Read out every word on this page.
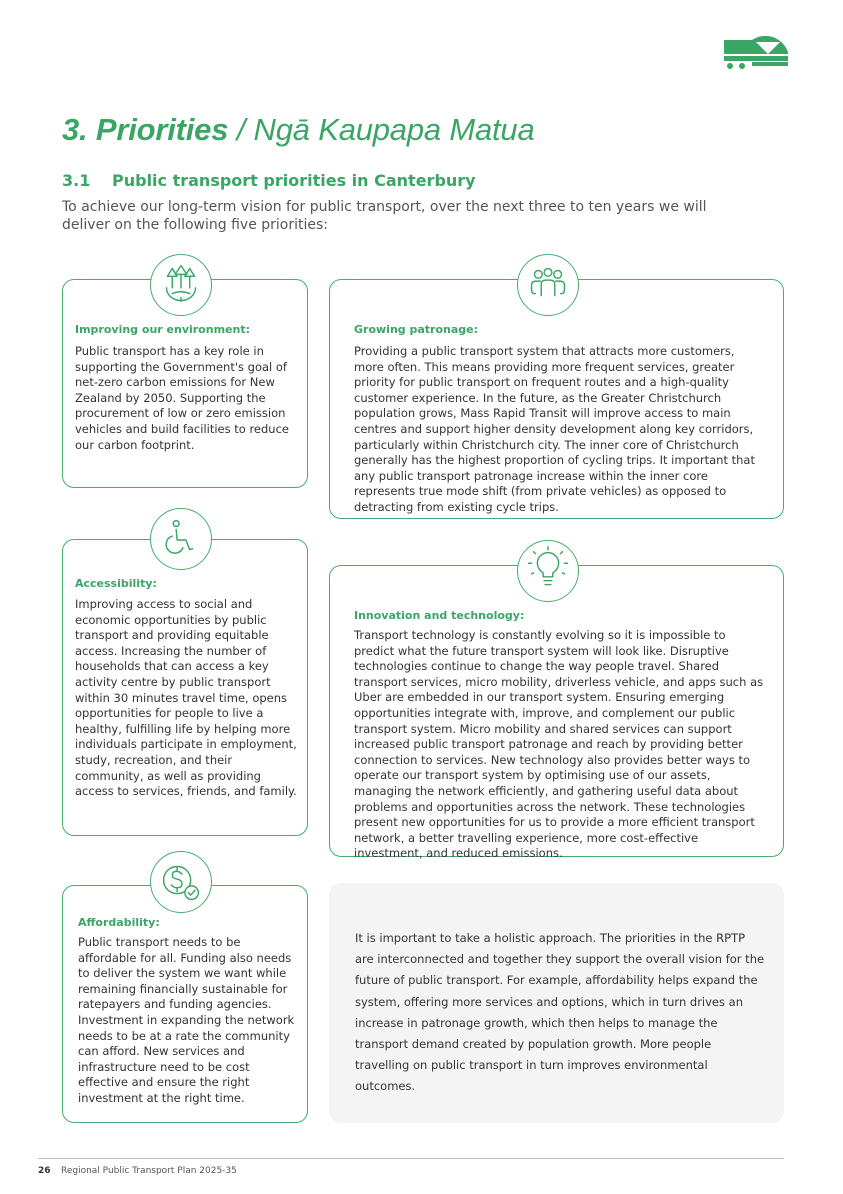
3. Priorities / Ngā Kaupapa Matua
3.1 Public transport priorities in Canterbury

To achieve our long-term vision for public transport, over the next three to ten years we will deliver on the following five priorities:

Improving our environment:

Public transport has a key role in supporting the Government's goal of net-zero carbon emissions for New Zealand by 2050. Supporting the procurement of low or zero emission vehicles and build facilities to reduce our carbon footprint.

Growing patronage:

Providing a public transport system that attracts more customers, more often. This means providing more frequent services, greater priority for public transport on frequent routes and a high-quality customer experience. In the future, as the Greater Christchurch population grows, Mass Rapid Transit will improve access to main centres and support higher density development along key corridors, particularly within Christchurch city. The inner core of Christchurch generally has the highest proportion of cycling trips. It important that any public transport patronage increase within the inner core represents true mode shift (from private vehicles) as opposed to detracting from existing cycle trips.

Accessibility:

Improving access to social and economic opportunities by public transport and providing equitable access. Increasing the number of households that can access a key activity centre by public transport within 30 minutes travel time, opens opportunities for people to live a healthy, fulfilling life by helping more individuals participate in employment, study, recreation, and their community, as well as providing access to services, friends, and family.

Innovation and technology:

Transport technology is constantly evolving so it is impossible to predict what the future transport system will look like. Disruptive technologies continue to change the way people travel. Shared transport services, micro mobility, driverless vehicle, and apps such as Uber are embedded in our transport system. Ensuring emerging opportunities integrate with, improve, and complement our public transport system. Micro mobility and shared services can support increased public transport patronage and reach by providing better connection to services. New technology also provides better ways to operate our transport system by optimising use of our assets, managing the network efficiently, and gathering useful data about problems and opportunities across the network. These technologies present new opportunities for us to provide a more efficient transport network, a better travelling experience, more cost-effective investment, and reduced emissions.

Affordability:

Public transport needs to be affordable for all. Funding also needs to deliver the system we want while remaining financially sustainable for ratepayers and funding agencies. Investment in expanding the network needs to be at a rate the community can afford. New services and infrastructure need to be cost effective and ensure the right investment at the right time.

It is important to take a holistic approach. The priorities in the RPTP are interconnected and together they support the overall vision for the future of public transport. For example, affordability helps expand the system, offering more services and options, which in turn drives an increase in patronage growth, which then helps to manage the transport demand created by population growth. More people travelling on public transport in turn improves environmental outcomes.

26 Regional Public Transport Plan 2025-35
